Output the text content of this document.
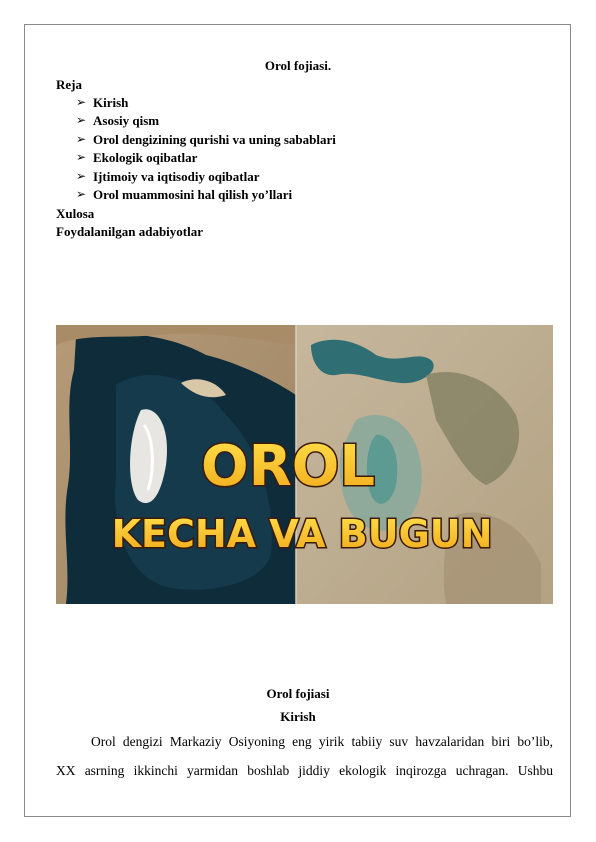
Orol fojiasi.
Reja
➢ Kirish
➢ Asosiy qism
➢ Orol dengizining qurishi va uning sabablari
➢ Ekologik oqibatlar
➢ Ijtimoiy va iqtisodiy oqibatlar
➢ Orol muammosini hal qilish yo’llari
Xulosa
Foydalanilgan adabiyotlar
OROL
KECHA VA BUGUN
Orol fojiasi
Kirish
Orol dengizi Markaziy Osiyoning eng yirik tabiiy suv havzalaridan biri bo’lib,
XX asrning ikkinchi yarmidan boshlab jiddiy ekologik inqirozga uchragan. Ushbu
